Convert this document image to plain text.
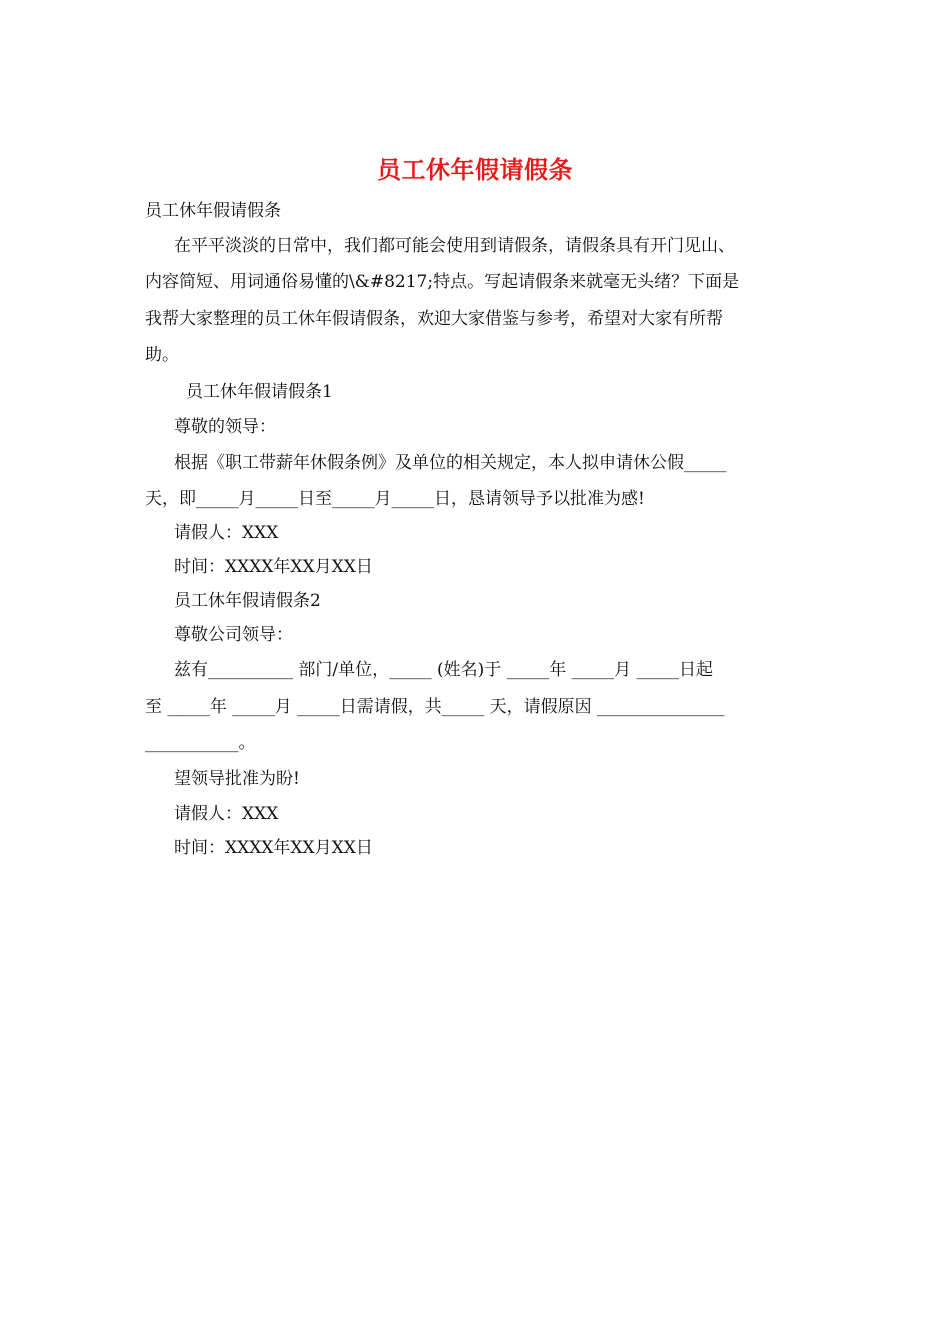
员工休年假请假条
员工休年假请假条
在平平淡淡的日常中，我们都可能会使用到请假条，请假条具有开门见山、
内容简短、用词通俗易懂的\&#8217;特点。写起请假条来就毫无头绪？下面是
我帮大家整理的员工休年假请假条，欢迎大家借鉴与参考，希望对大家有所帮
助。
员工休年假请假条1
尊敬的领导：
根据《职工带薪年休假条例》及单位的相关规定，本人拟申请休公假_____
天，即_____月_____日至_____月_____日，恳请领导予以批准为感!
请假人：XXX
时间：XXXX年XX月XX日
员工休年假请假条2
尊敬公司领导：
兹有__________ 部门/单位，_____ (姓名)于 _____年 _____月 _____日起
至 _____年 _____月 _____日需请假，共_____ 天，请假原因 _______________
___________。
望领导批准为盼!
请假人：XXX
时间：XXXX年XX月XX日
